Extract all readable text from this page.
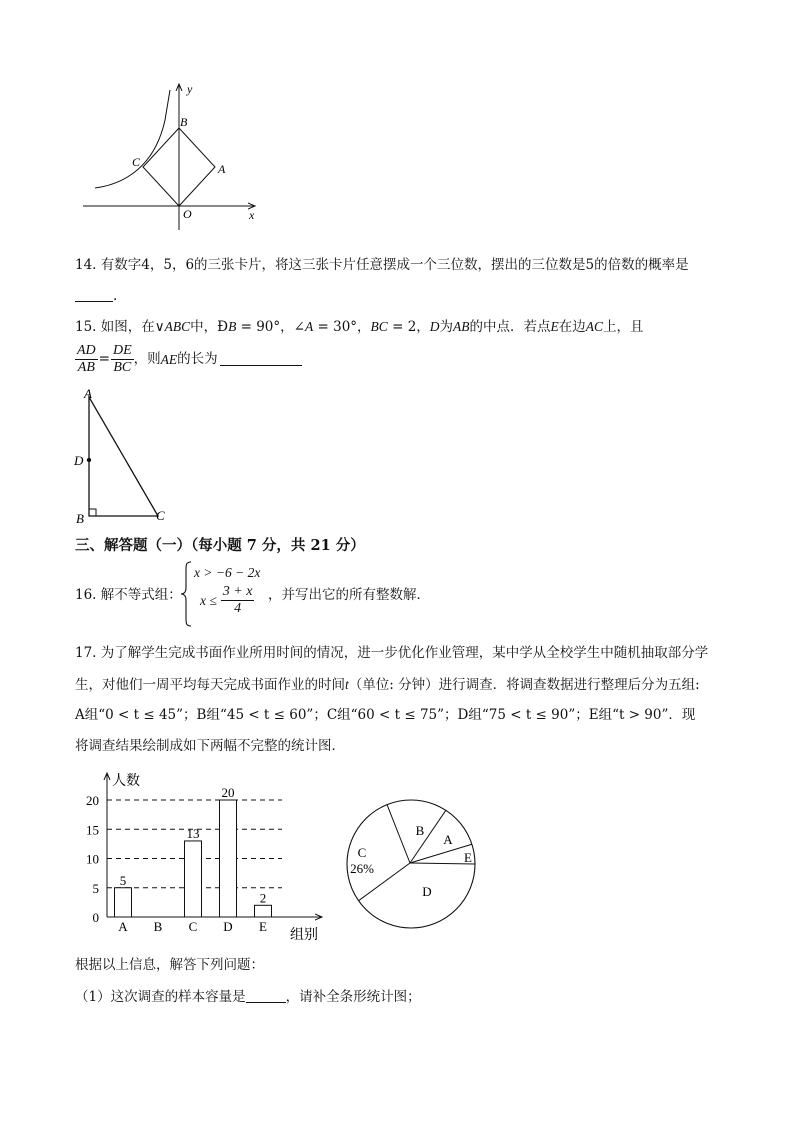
y
x
B
C	A
O
14. 有数字4，5，6的三张卡片，将这三张卡片任意摆成一个三位数，摆出的三位数是5的倍数的概率是
.
15. 如图，在∨ABC中，ÐB = 90°，∠A = 30°，BC = 2，D为AB的中点．若点E在边AC上，且
$\frac{AD}{AB} = \frac{DE}{BC}$ ，则 AE 的长为
A
D
B	C
三、解答题（一）（每小题 7 分，共 21 分）
16. 解不等式组：
x > −6 − 2x
$x \le \frac{3 + x}{4}$ ，并写出它的所有整数解．
17. 为了解学生完成书面作业所用时间的情况，进一步优化作业管理，某中学从全校学生中随机抽取部分学
生，对他们一周平均每天完成书面作业的时间t（单位: 分钟）进行调查．将调查数据进行整理后分为五组:
A组“0 < t ≤ 45”；B组“45 < t ≤ 60”；C组“60 < t ≤ 75”；D组“75 < t ≤ 90”；E组“t > 90”．现
将调查结果绘制成如下两幅不完整的统计图．
0
5
10
15
20
人数
组别
5
A B
13
C
20
D
2
E
A
B
C
26%
D
E
根据以上信息，解答下列问题：
（1）这次调查的样本容量是	，请补全条形统计图；
